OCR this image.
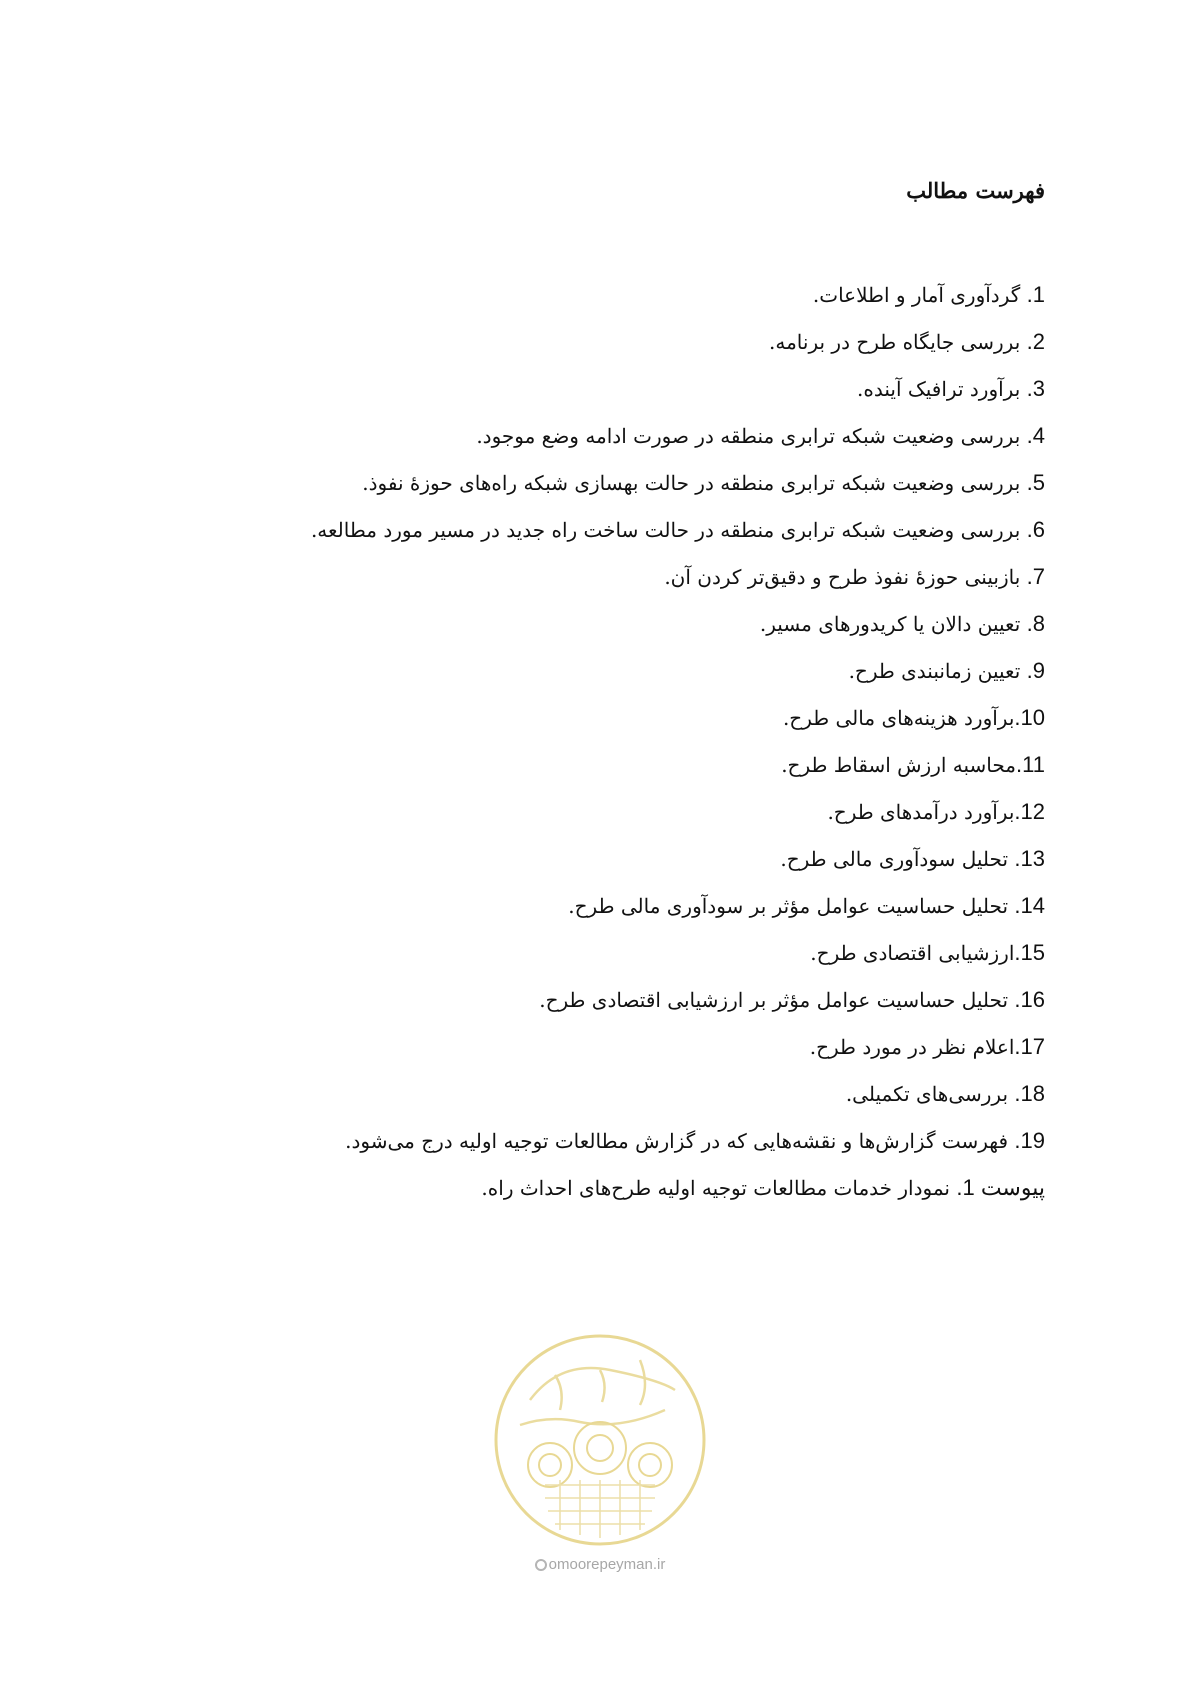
فهرست مطالب
1. گردآوری آمار و اطلاعات.
2. بررسی جایگاه طرح در برنامه.
3. برآورد ترافیک آینده.
4. بررسی وضعیت شبکه ترابری منطقه در صورت ادامه وضع موجود.
5. بررسی وضعیت شبکه ترابری منطقه در حالت بهسازی شبکه راه‌های حوزۀ نفوذ.
6. بررسی وضعیت شبکه ترابری منطقه در حالت ساخت راه جدید در مسیر مورد مطالعه.
7. بازبینی حوزۀ نفوذ طرح و دقیق‌تر کردن آن.
8. تعیین دالان یا کریدورهای مسیر.
9. تعیین زمانبندی طرح.
10.برآورد هزینه‌های مالی طرح.
11.محاسبه ارزش اسقاط طرح.
12.برآورد درآمدهای طرح.
13. تحلیل سودآوری مالی طرح.
14. تحلیل حساسیت عوامل مؤثر بر سودآوری مالی طرح.
15.ارزشیابی اقتصادی طرح.
16. تحلیل حساسیت عوامل مؤثر بر ارزشیابی اقتصادی طرح.
17.اعلام نظر در مورد طرح.
18. بررسی‌های تکمیلی.
19. فهرست گزارش‌ها و نقشه‌هایی که در گزارش مطالعات توجیه اولیه درج می‌شود.
پیوست 1. نمودار خدمات مطالعات توجیه اولیه طرح‌های احداث راه.
omoorepeyman.ir
